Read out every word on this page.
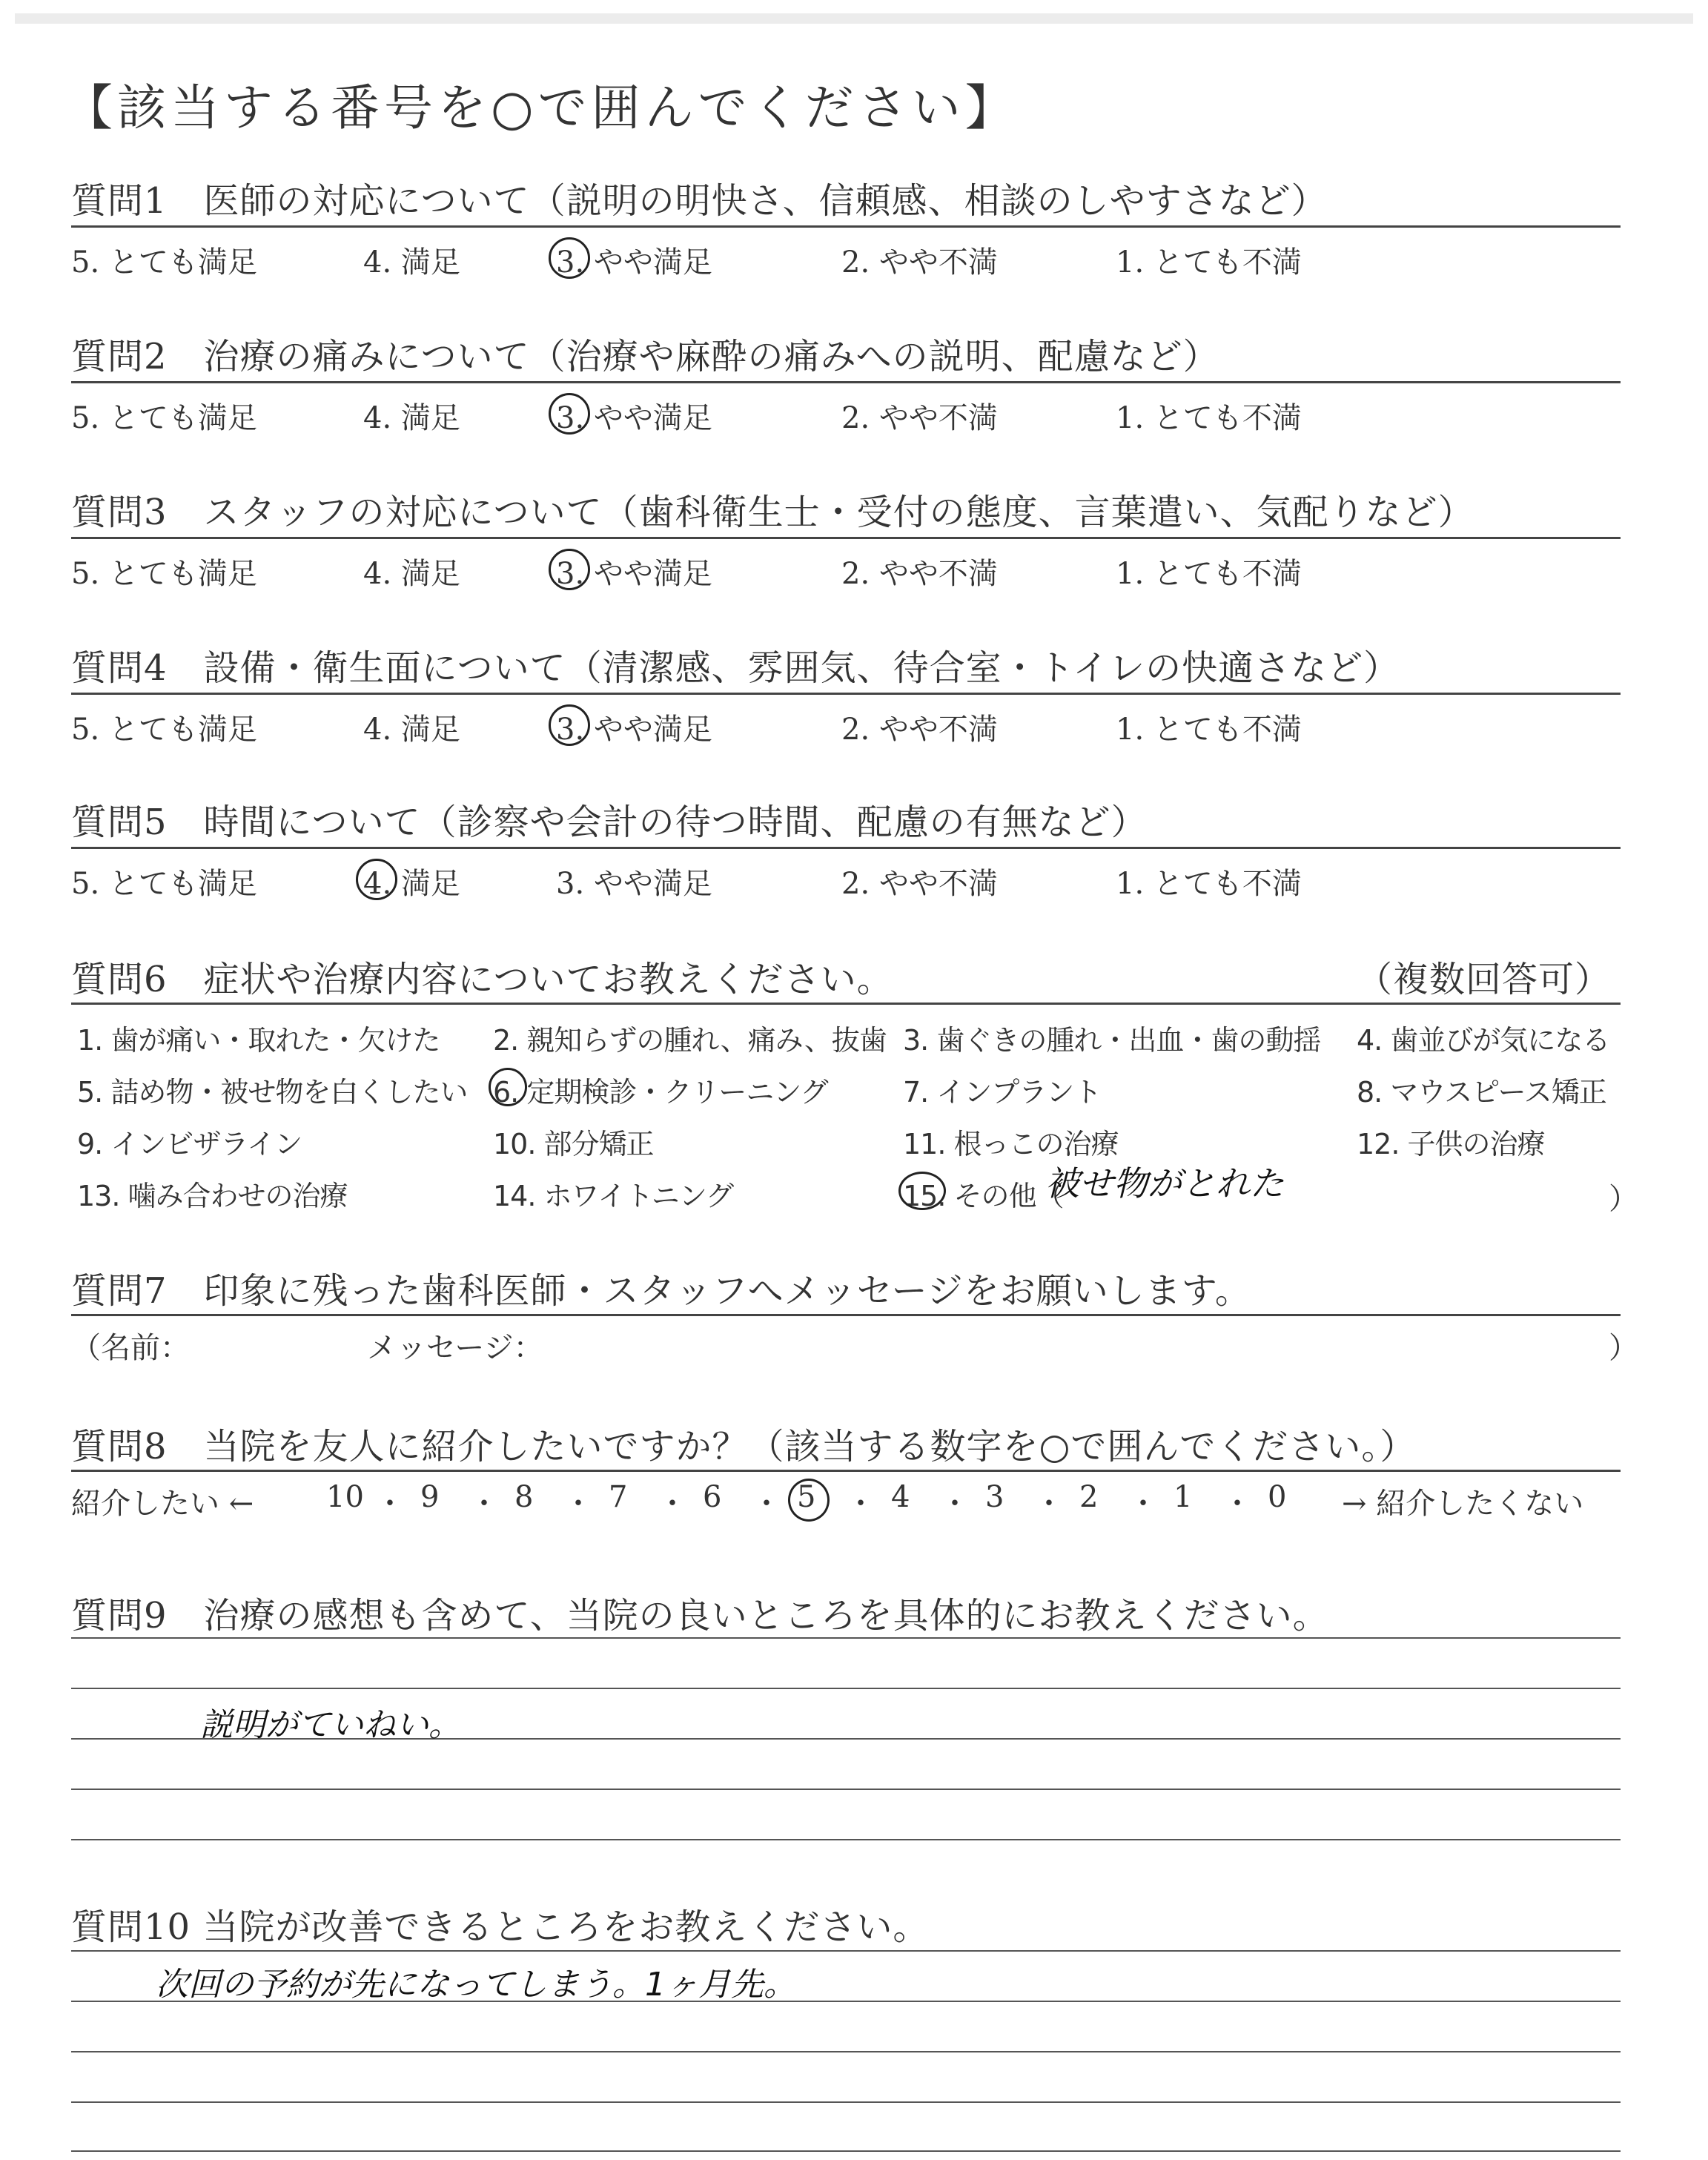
【該当する番号を○で囲んでください】
質問1　医師の対応について（説明の明快さ、信頼感、相談のしやすさなど）
5. とても満足	4. 満足	3. やや満足	2. やや不満	1. とても不満
質問2　治療の痛みについて（治療や麻酔の痛みへの説明、配慮など）
5. とても満足	4. 満足	3. やや満足	2. やや不満	1. とても不満
質問3　スタッフの対応について（歯科衛生士・受付の態度、言葉遣い、気配りなど）
5. とても満足	4. 満足	3. やや満足	2. やや不満	1. とても不満
質問4　設備・衛生面について（清潔感、雰囲気、待合室・トイレの快適さなど）
5. とても満足	4. 満足	3. やや満足	2. やや不満	1. とても不満
質問5　時間について（診察や会計の待つ時間、配慮の有無など）
5. とても満足	4. 満足	3. やや満足	2. やや不満	1. とても不満
質問6　症状や治療内容についてお教えください。	（複数回答可）
1. 歯が痛い・取れた・欠けた 2. 親知らずの腫れ、痛み、抜歯 3. 歯ぐきの腫れ・出血・歯の動揺 4. 歯並びが気になる
5. 詰め物・被せ物を白くしたい 6. 定期検診・クリーニング	7. インプラント	8. マウスピース矯正
9. インビザライン	10. 部分矯正	11. 根っこの治療	12. 子供の治療
13. 噛み合わせの治療	14. ホワイトニング	15. その他（
被せ物がとれた	）
質問7　印象に残った歯科医師・スタッフへメッセージをお願いします。
（名前：	メッセージ：	）
質問8　当院を友人に紹介したいですか？（該当する数字を○で囲んでください。）
紹介したい ← 10 ・ 9 ・ 8 ・ 7 ・ 6 ・ 5 ・ 4 ・ 3 ・ 2 ・ 1 ・ 0 → 紹介したくない
質問9　治療の感想も含めて、当院の良いところを具体的にお教えください。
説明がていねい。
質問10 当院が改善できるところをお教えください。
次回の予約が先になってしまう。1ヶ月先。
